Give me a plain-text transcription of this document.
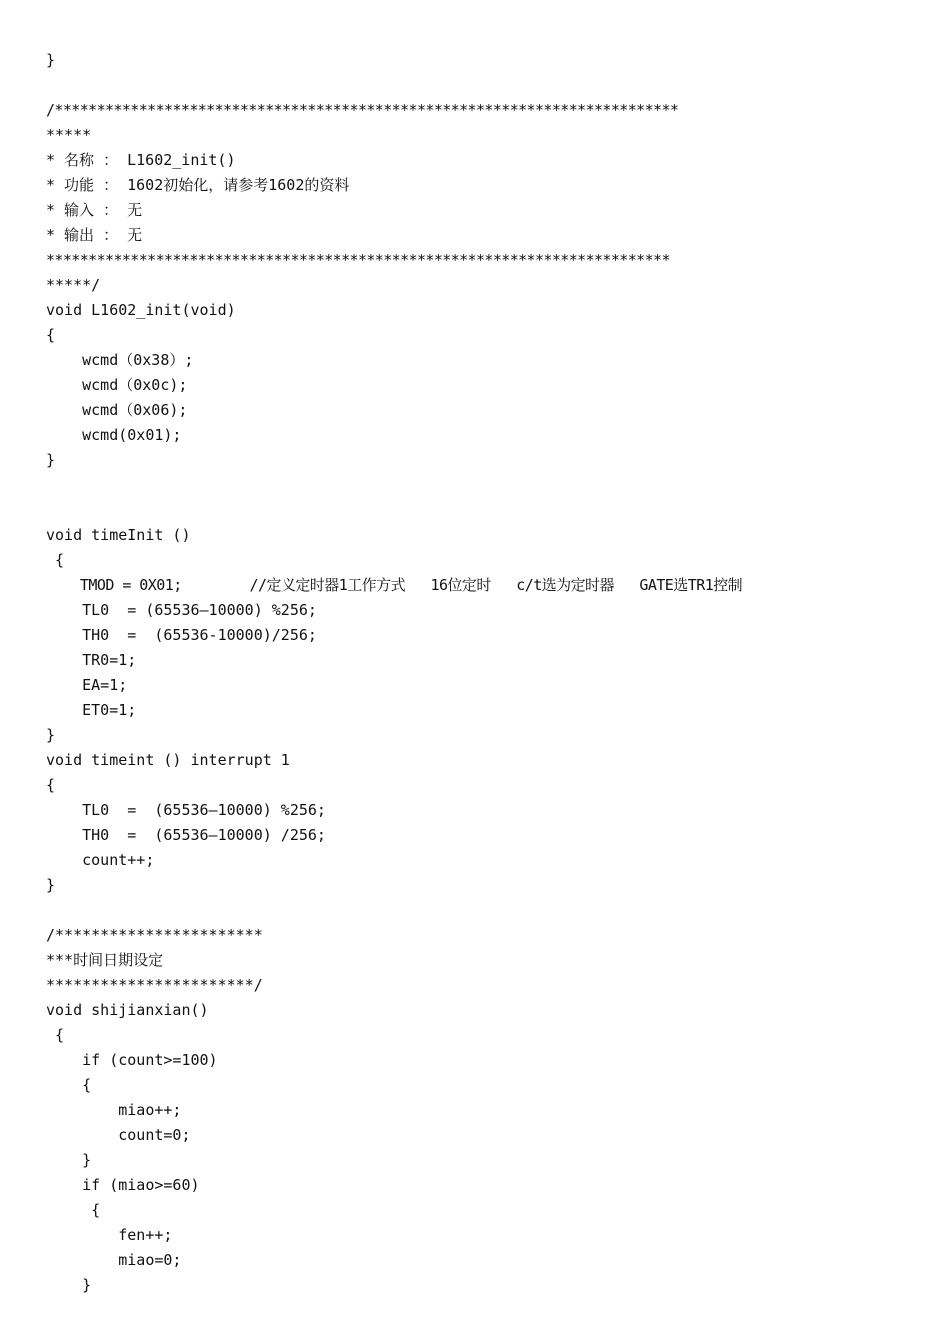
}
/**************************************************************************
*****
* 名称 ： L1602_init()
* 功能 ： 1602初始化，请参考1602的资料
* 输入 ： 无
* 输出 ： 无
**************************************************************************
*****/
void L1602_init(void)
{
wcmd（0x38）;
wcmd（0x0c);
wcmd（0x06);
wcmd(0x01);
}
void timeInit ()
{
TMOD = 0X01;        //定义定时器1工作方式   16位定时   c/t选为定时器   GATE选TR1控制
TL0  = (65536—10000) %256;
TH0  =  (65536-10000)/256;
TR0=1;
EA=1;
ET0=1;
}
void timeint () interrupt 1
{
TL0  =  (65536—10000) %256;
TH0  =  (65536—10000) /256;
count++;
}
/***********************
***时间日期设定
***********************/
void shijianxian()
{
if (count>=100)
{
miao++;
count=0;
}
if (miao>=60)
{
fen++;
miao=0;
}
